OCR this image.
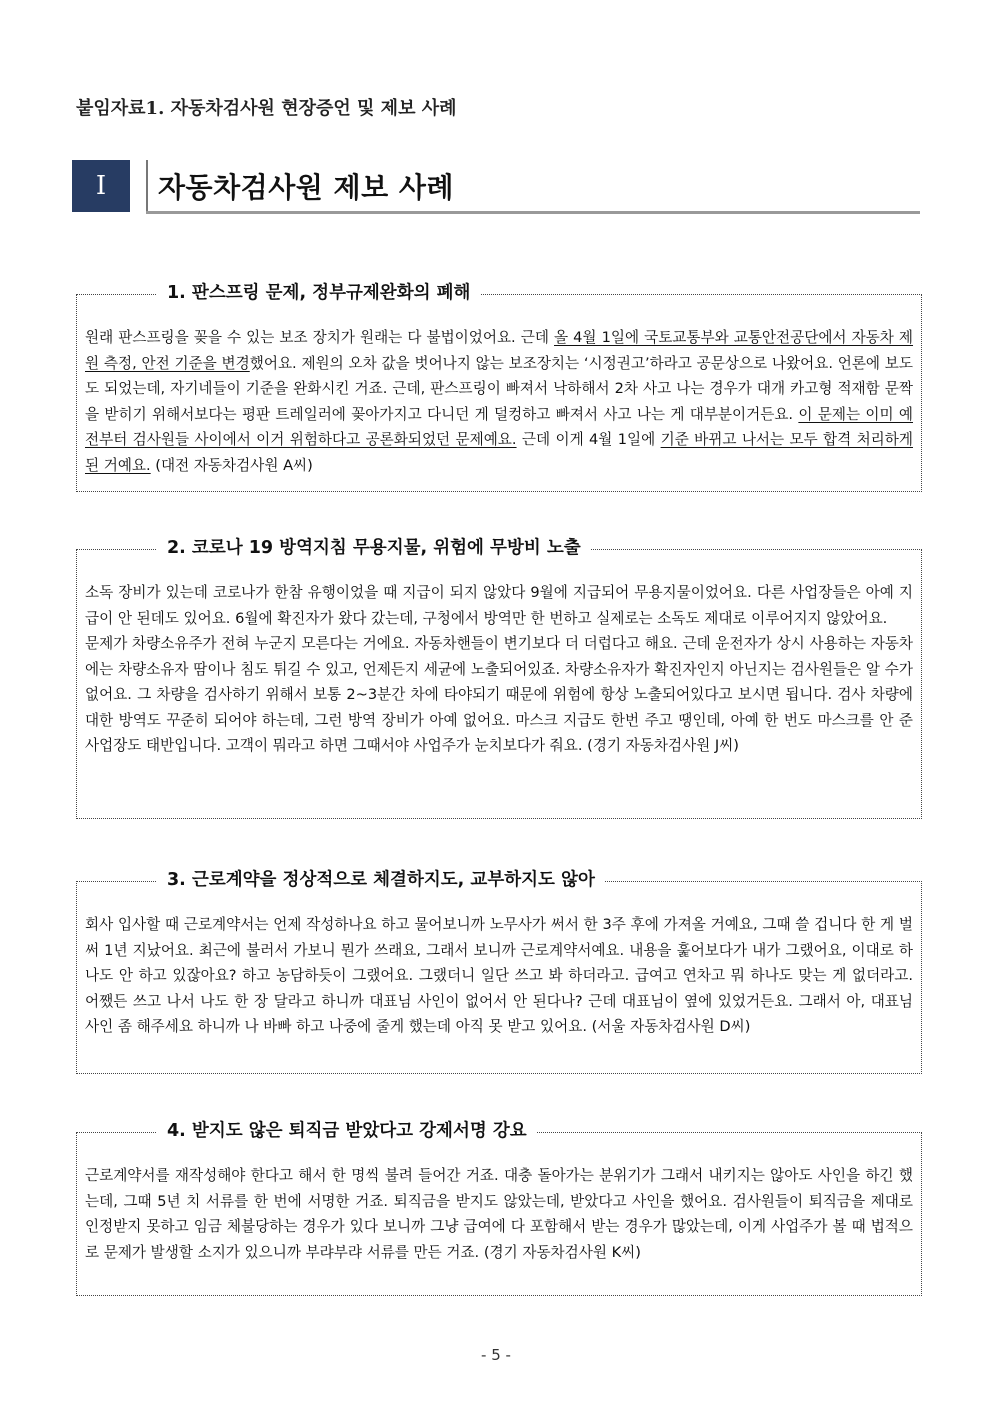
붙임자료1. 자동차검사원 현장증언 및 제보 사례
Ⅰ	자동차검사원 제보 사례
1. 판스프링 문제, 정부규제완화의 폐해

원래 판스프링을 꽂을 수 있는 보조 장치가 원래는 다 불법이었어요. 근데 올 4월 1일에 국토교통부와 교통안전공단에서 자동차 제원 측정, 안전 기준을 변경했어요. 제원의 오차 값을 벗어나지 않는 보조장치는 ‘시정권고’하라고 공문상으로 나왔어요. 언론에 보도도 되었는데, 자기네들이 기준을 완화시킨 거죠. 근데, 판스프링이 빠져서 낙하해서 2차 사고 나는 경우가 대개 카고형 적재함 문짝을 받히기 위해서보다는 평판 트레일러에 꽂아가지고 다니던 게 덜컹하고 빠져서 사고 나는 게 대부분이거든요. 이 문제는 이미 예전부터 검사원들 사이에서 이거 위험하다고 공론화되었던 문제예요. 근데 이게 4월 1일에 기준 바뀌고 나서는 모두 합격 처리하게 된 거예요. (대전 자동차검사원 A씨)

2. 코로나 19 방역지침 무용지물, 위험에 무방비 노출

소독 장비가 있는데 코로나가 한참 유행이었을 때 지급이 되지 않았다 9월에 지급되어 무용지물이었어요. 다른 사업장들은 아예 지급이 안 된데도 있어요. 6월에 확진자가 왔다 갔는데, 구청에서 방역만 한 번하고 실제로는 소독도 제대로 이루어지지 않았어요.

문제가 차량소유주가 전혀 누군지 모른다는 거에요. 자동차핸들이 변기보다 더 더럽다고 해요. 근데 운전자가 상시 사용하는 자동차에는 차량소유자 땀이나 침도 튀길 수 있고, 언제든지 세균에 노출되어있죠. 차량소유자가 확진자인지 아닌지는 검사원들은 알 수가 없어요. 그 차량을 검사하기 위해서 보통 2~3분간 차에 타야되기 때문에 위험에 항상 노출되어있다고 보시면 됩니다. 검사 차량에 대한 방역도 꾸준히 되어야 하는데, 그런 방역 장비가 아예 없어요. 마스크 지급도 한번 주고 땡인데, 아예 한 번도 마스크를 안 준 사업장도 태반입니다. 고객이 뭐라고 하면 그때서야 사업주가 눈치보다가 줘요. (경기 자동차검사원 J씨)

3. 근로계약을 정상적으로 체결하지도, 교부하지도 않아

회사 입사할 때 근로계약서는 언제 작성하나요 하고 물어보니까 노무사가 써서 한 3주 후에 가져올 거예요, 그때 쓸 겁니다 한 게 벌써 1년 지났어요. 최근에 불러서 가보니 뭔가 쓰래요, 그래서 보니까 근로계약서예요. 내용을 훑어보다가 내가 그랬어요, 이대로 하나도 안 하고 있잖아요? 하고 농담하듯이 그랬어요. 그랬더니 일단 쓰고 봐 하더라고. 급여고 연차고 뭐 하나도 맞는 게 없더라고. 어쨌든 쓰고 나서 나도 한 장 달라고 하니까 대표님 사인이 없어서 안 된다나? 근데 대표님이 옆에 있었거든요. 그래서 아, 대표님 사인 좀 해주세요 하니까 나 바빠 하고 나중에 줄게 했는데 아직 못 받고 있어요. (서울 자동차검사원 D씨)

4. 받지도 않은 퇴직금 받았다고 강제서명 강요

근로계약서를 재작성해야 한다고 해서 한 명씩 불려 들어간 거죠. 대충 돌아가는 분위기가 그래서 내키지는 않아도 사인을 하긴 했는데, 그때 5년 치 서류를 한 번에 서명한 거죠. 퇴직금을 받지도 않았는데, 받았다고 사인을 했어요. 검사원들이 퇴직금을 제대로 인정받지 못하고 임금 체불당하는 경우가 있다 보니까 그냥 급여에 다 포함해서 받는 경우가 많았는데, 이게 사업주가 볼 때 법적으로 문제가 발생할 소지가 있으니까 부랴부랴 서류를 만든 거죠. (경기 자동차검사원 K씨)

- 5 -
